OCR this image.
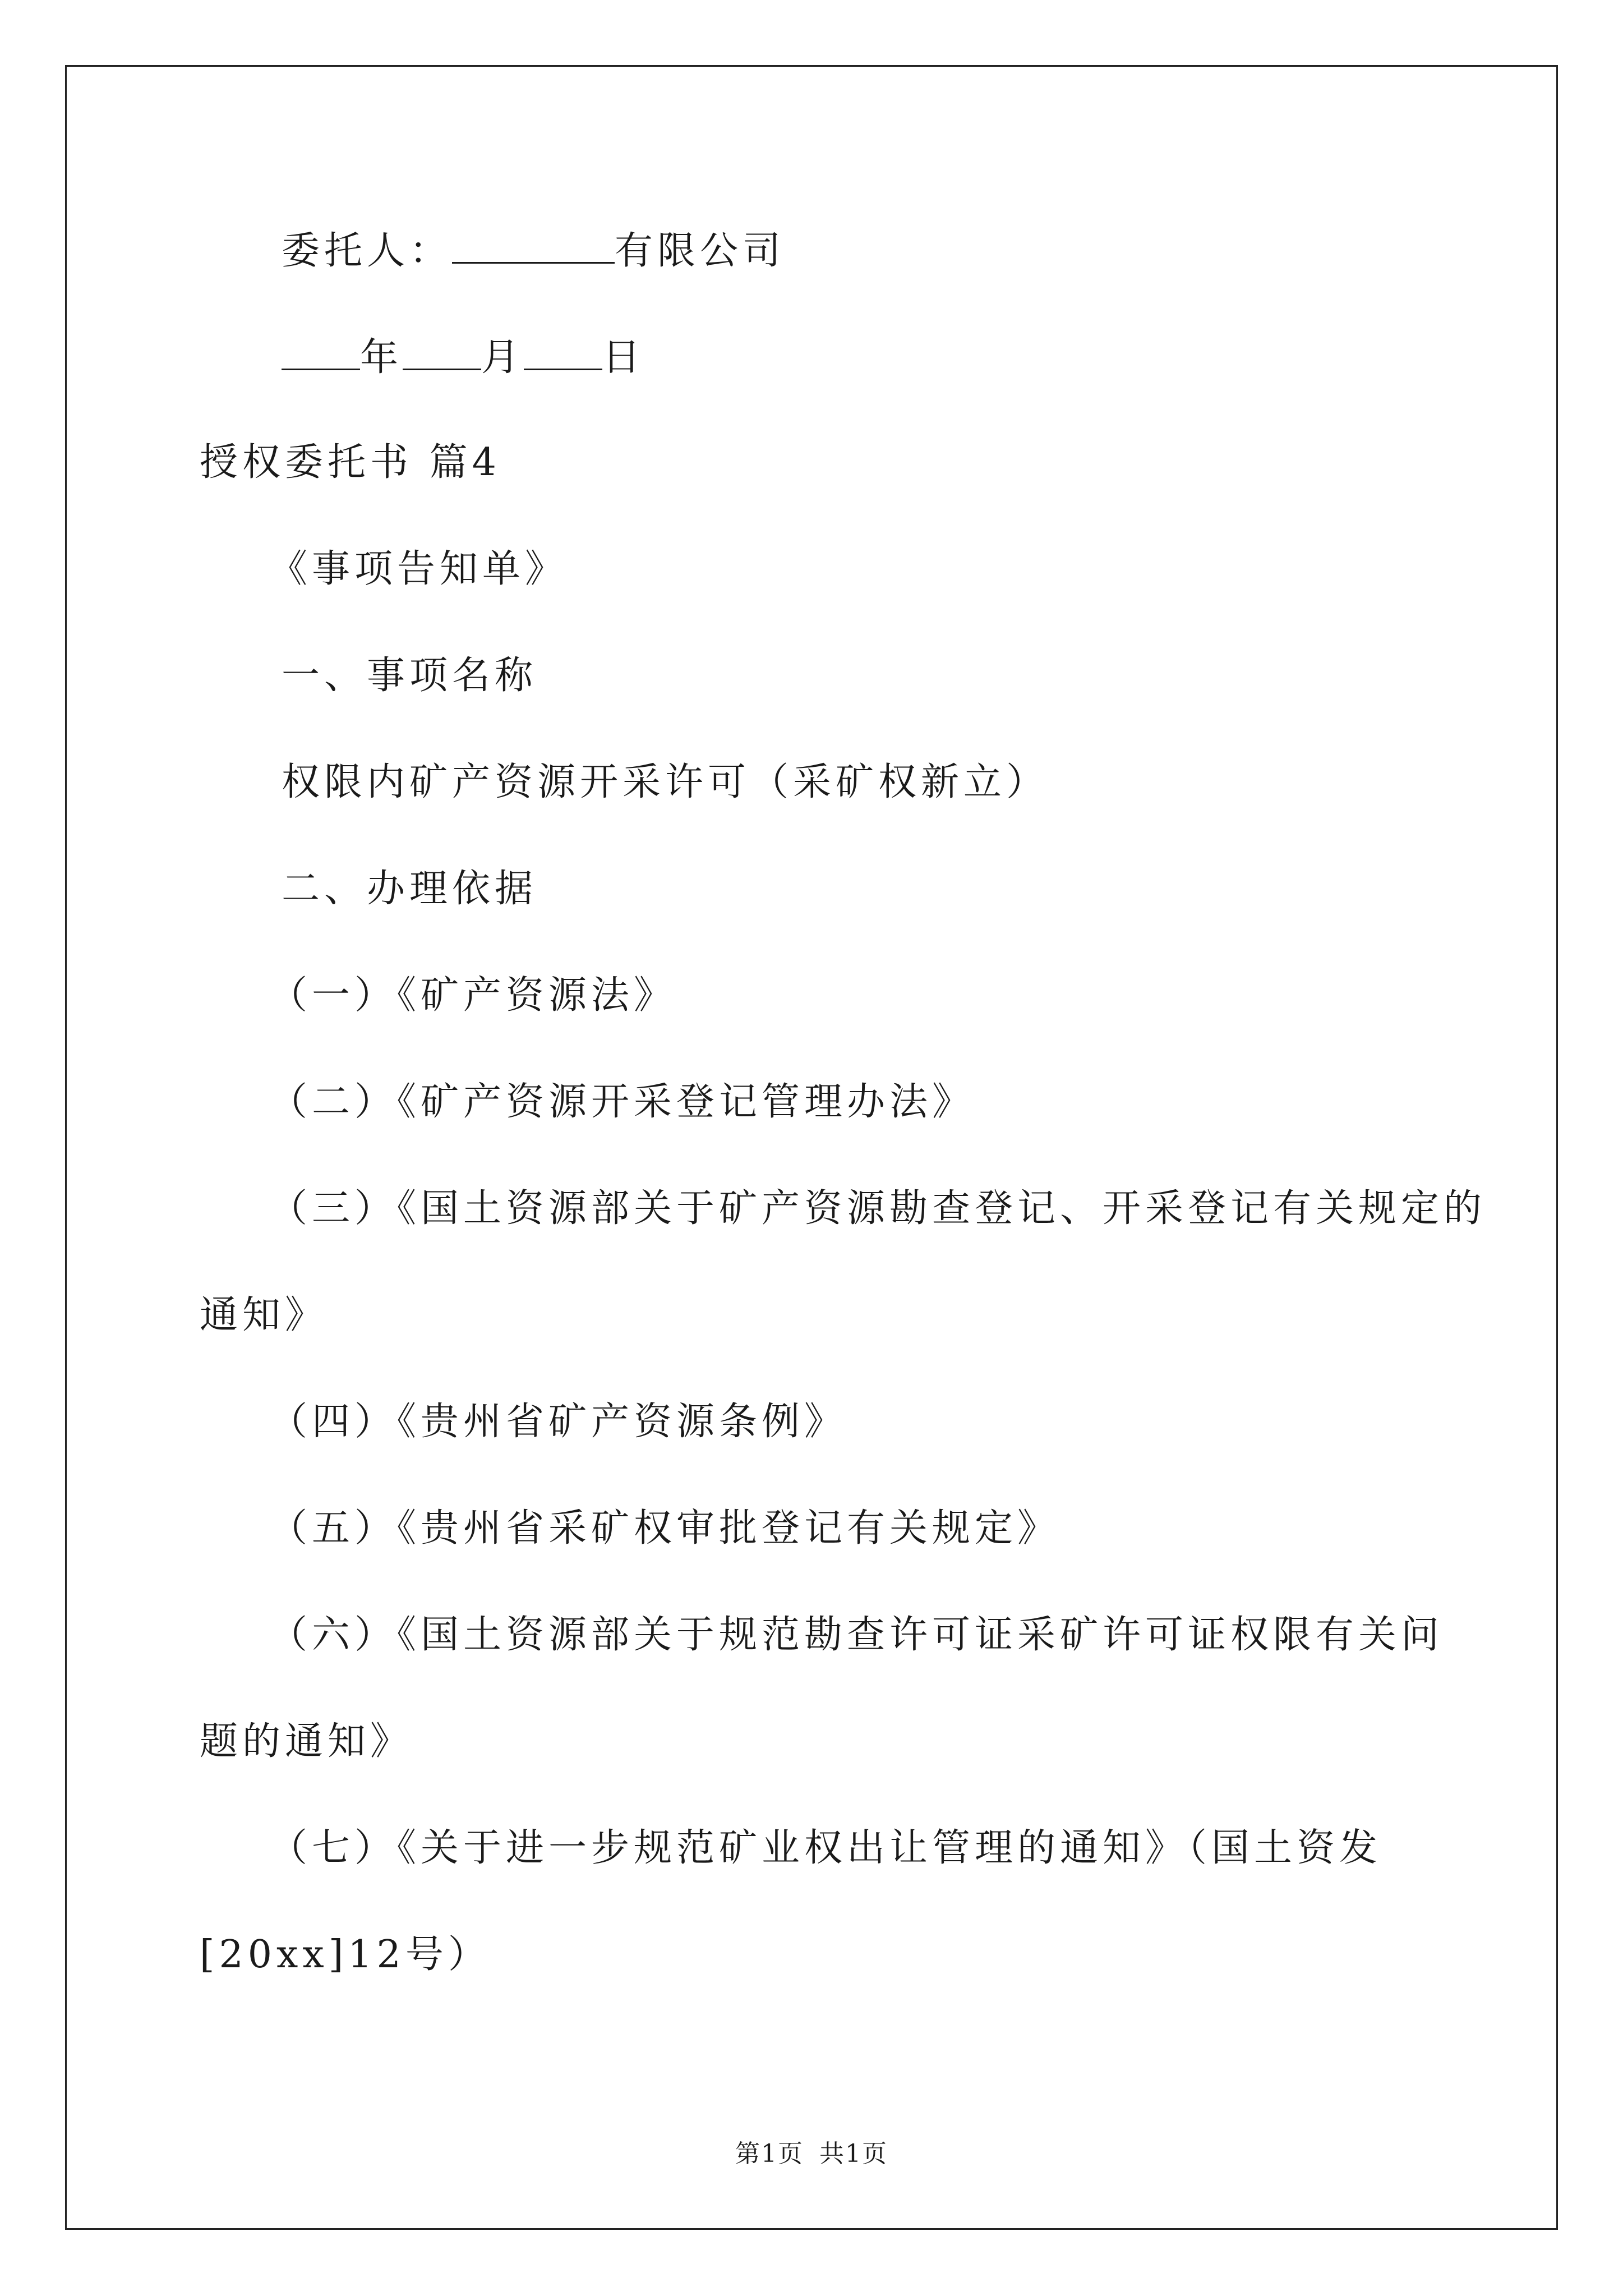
委托人：	有限公司
年 月 日
授权委托书 篇4
《事项告知单》
一、事项名称
权限内矿产资源开采许可（采矿权新立）
二、办理依据
（一）《矿产资源法》
（二）《矿产资源开采登记管理办法》
（三）《国土资源部关于矿产资源勘查登记、开采登记有关规定的
通知》
（四）《贵州省矿产资源条例》
（五）《贵州省采矿权审批登记有关规定》
（六）《国土资源部关于规范勘查许可证采矿许可证权限有关问
题的通知》
（七）《关于进一步规范矿业权出让管理的通知》（国土资发
[20xx]12号）
第1页 共1页
